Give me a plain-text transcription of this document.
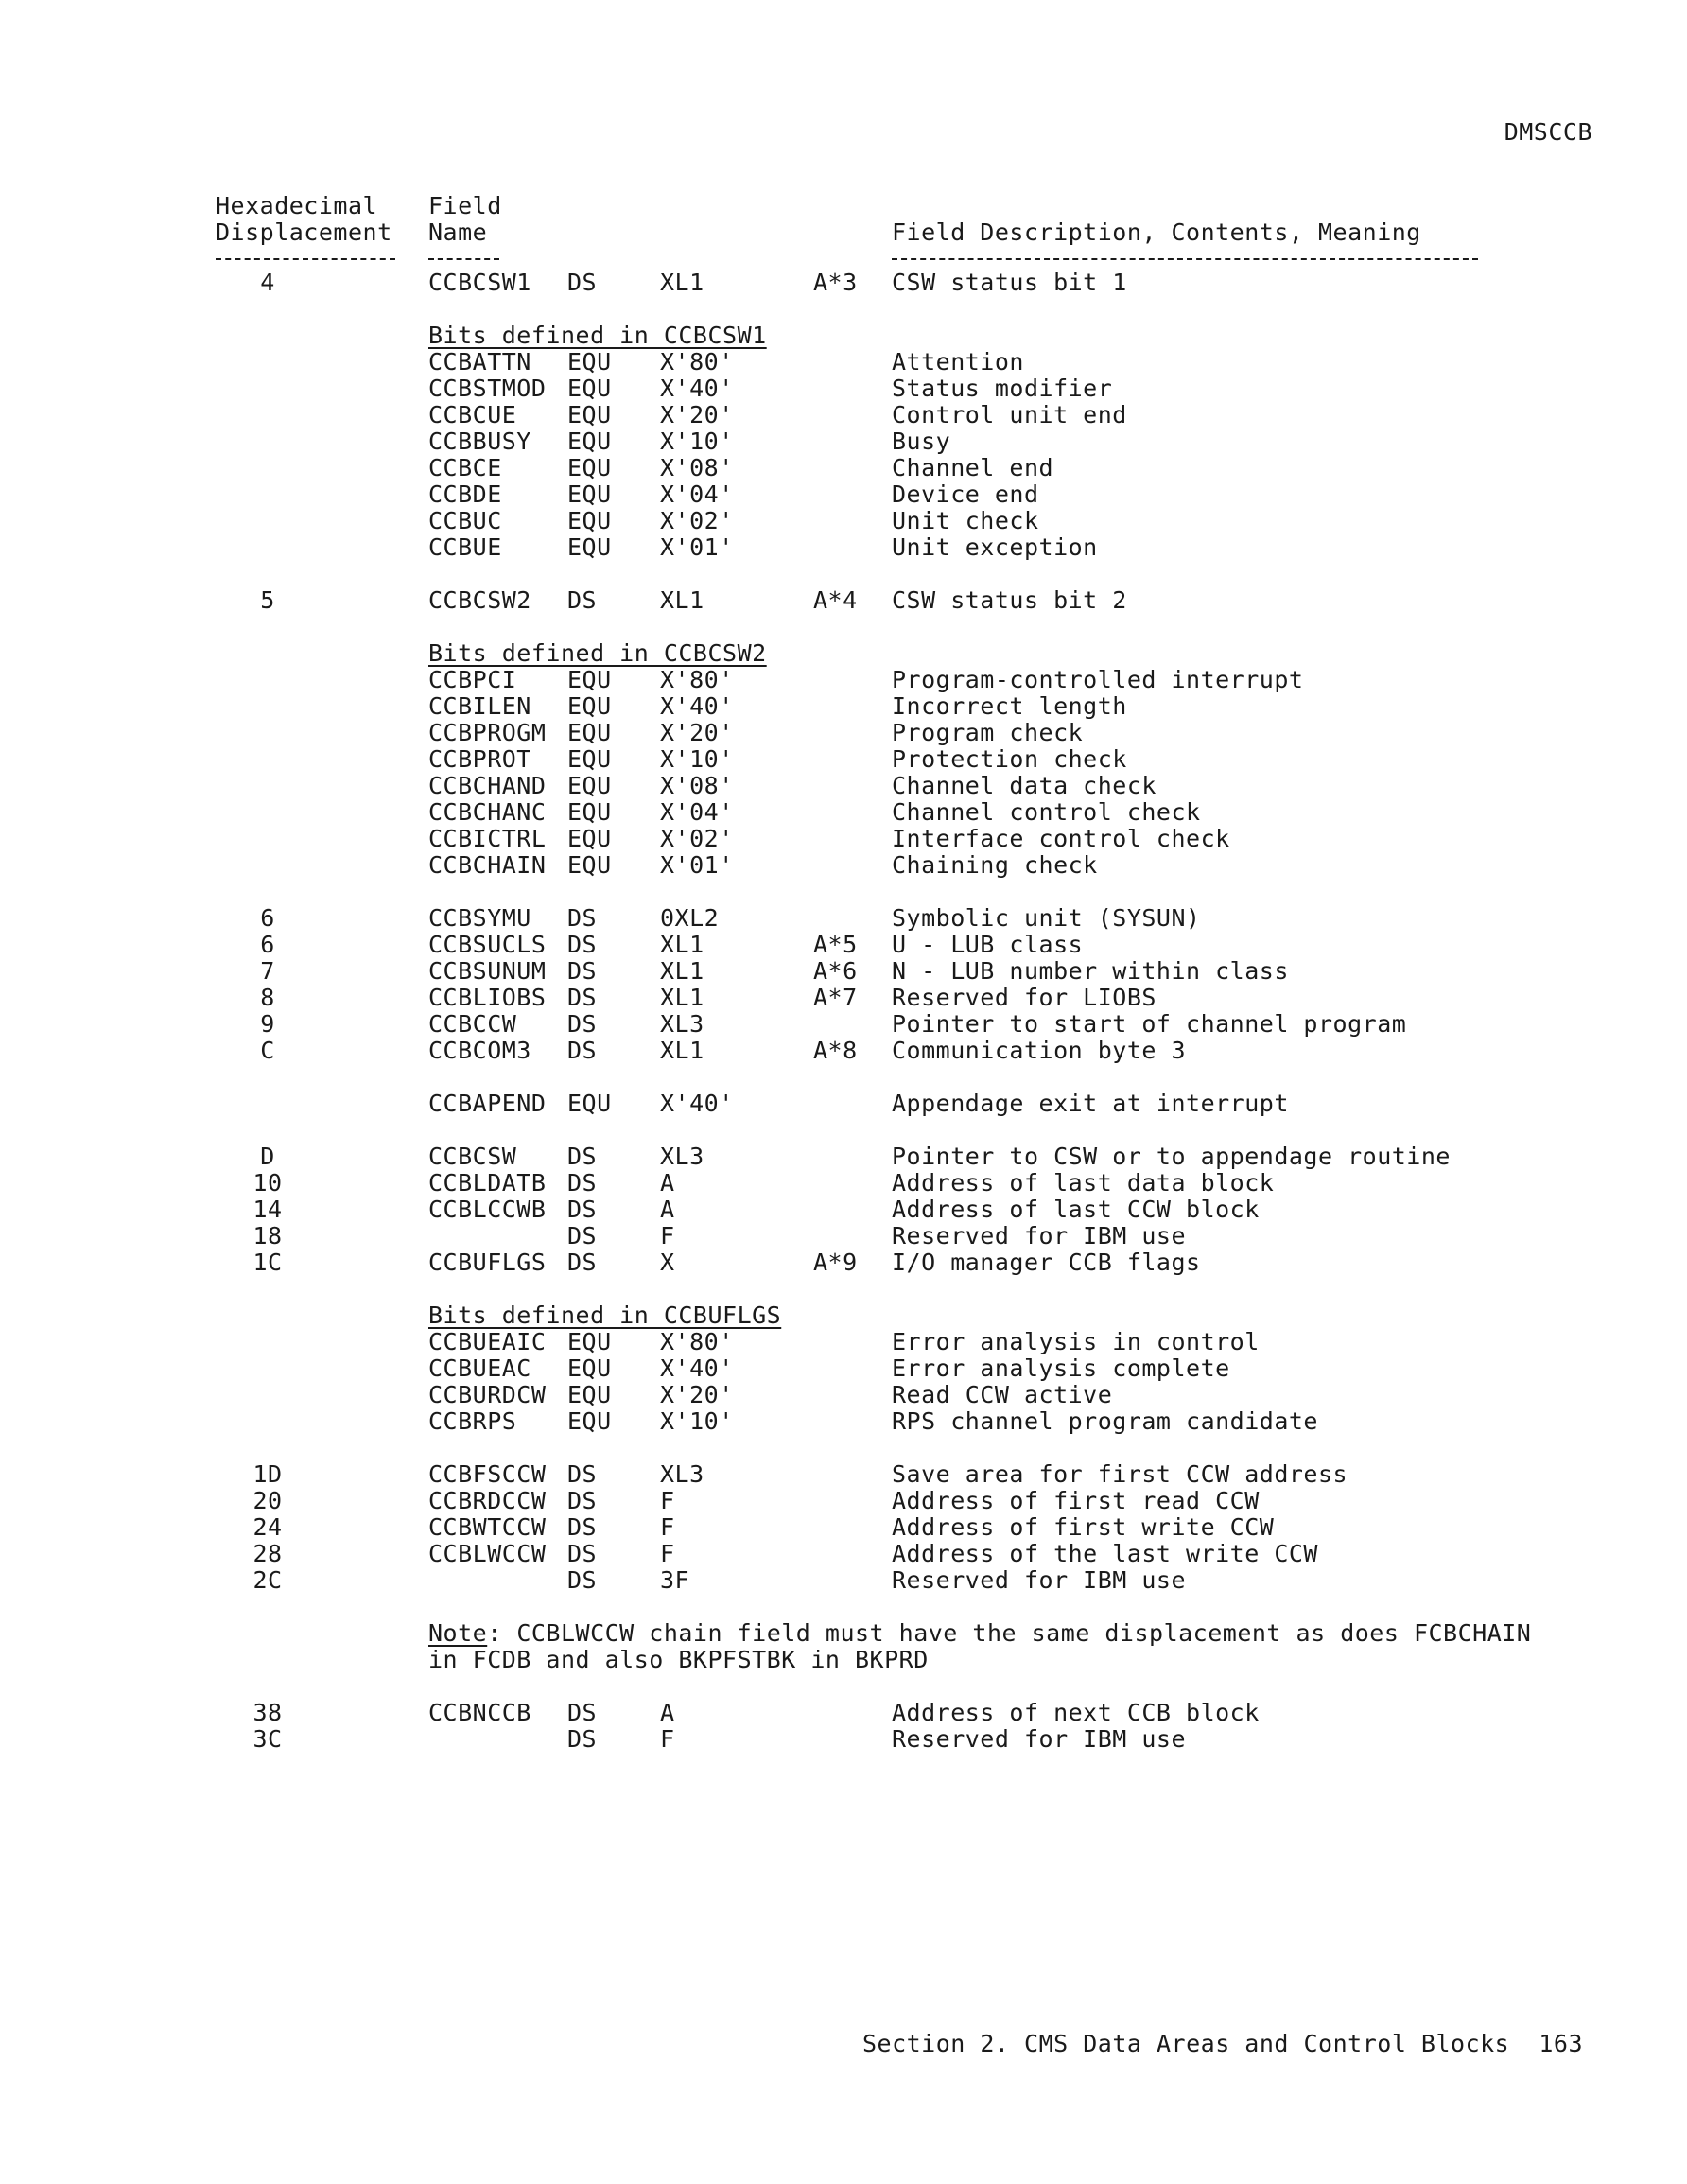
DMSCCB
Hexadecimal
Displacement
Field
Name	Field Description, Contents, Meaning
4	CCBCSW1 DS	XL1	A*3 CSW status bit 1
Bits defined in CCBCSW1
CCBATTN EQU X'80'	Attention
CCBSTMOD EQU X'40'	Status modifier
CCBCUE EQU X'20'	Control unit end
CCBBUSY EQU X'10'	Busy
CCBCE	EQU X'08'	Channel end
CCBDE	EQU X'04'	Device end
CCBUC	EQU X'02'	Unit check
CCBUE	EQU X'01'	Unit exception
5	CCBCSW2 DS	XL1	A*4 CSW status bit 2
Bits defined in CCBCSW2
CCBPCI EQU X'80'	Program-controlled interrupt
CCBILEN EQU X'40'	Incorrect length
CCBPROGM EQU X'20'	Program check
CCBPROT EQU X'10'	Protection check
CCBCHAND EQU X'08'	Channel data check
CCBCHANC EQU X'04'	Channel control check
CCBICTRL EQU X'02'	Interface control check
CCBCHAIN EQU X'01'	Chaining check
6	CCBSYMU DS	0XL2	Symbolic unit (SYSUN)
6	CCBSUCLS DS	XL1	A*5 U - LUB class
7	CCBSUNUM DS	XL1	A*6 N - LUB number within class
8	CCBLIOBS DS	XL1	A*7 Reserved for LIOBS
9	CCBCCW DS	XL3	Pointer to start of channel program
C	CCBCOM3 DS	XL1	A*8 Communication byte 3
CCBAPEND EQU X'40'	Appendage exit at interrupt
D	CCBCSW DS	XL3	Pointer to CSW or to appendage routine
10	CCBLDATB DS	A	Address of last data block
14	CCBLCCWB DS	A	Address of last CCW block
18	DS	F	Reserved for IBM use
1C	CCBUFLGS DS	X	A*9 I/O manager CCB flags
Bits defined in CCBUFLGS
CCBUEAIC EQU X'80'	Error analysis in control
CCBUEAC EQU X'40'	Error analysis complete
CCBURDCW EQU X'20'	Read CCW active
CCBRPS EQU X'10'	RPS channel program candidate
1D	CCBFSCCW DS	XL3	Save area for first CCW address
20	CCBRDCCW DS	F	Address of first read CCW
24	CCBWTCCW DS	F	Address of first write CCW
28	CCBLWCCW DS	F	Address of the last write CCW
2C	DS	3F	Reserved for IBM use
Note: CCBLWCCW chain field must have the same displacement as does FCBCHAIN
in FCDB and also BKPFSTBK in BKPRD
38	CCBNCCB DS	A	Address of next CCB block
3C	DS	F	Reserved for IBM use
Section 2. CMS Data Areas and Control Blocks 163
